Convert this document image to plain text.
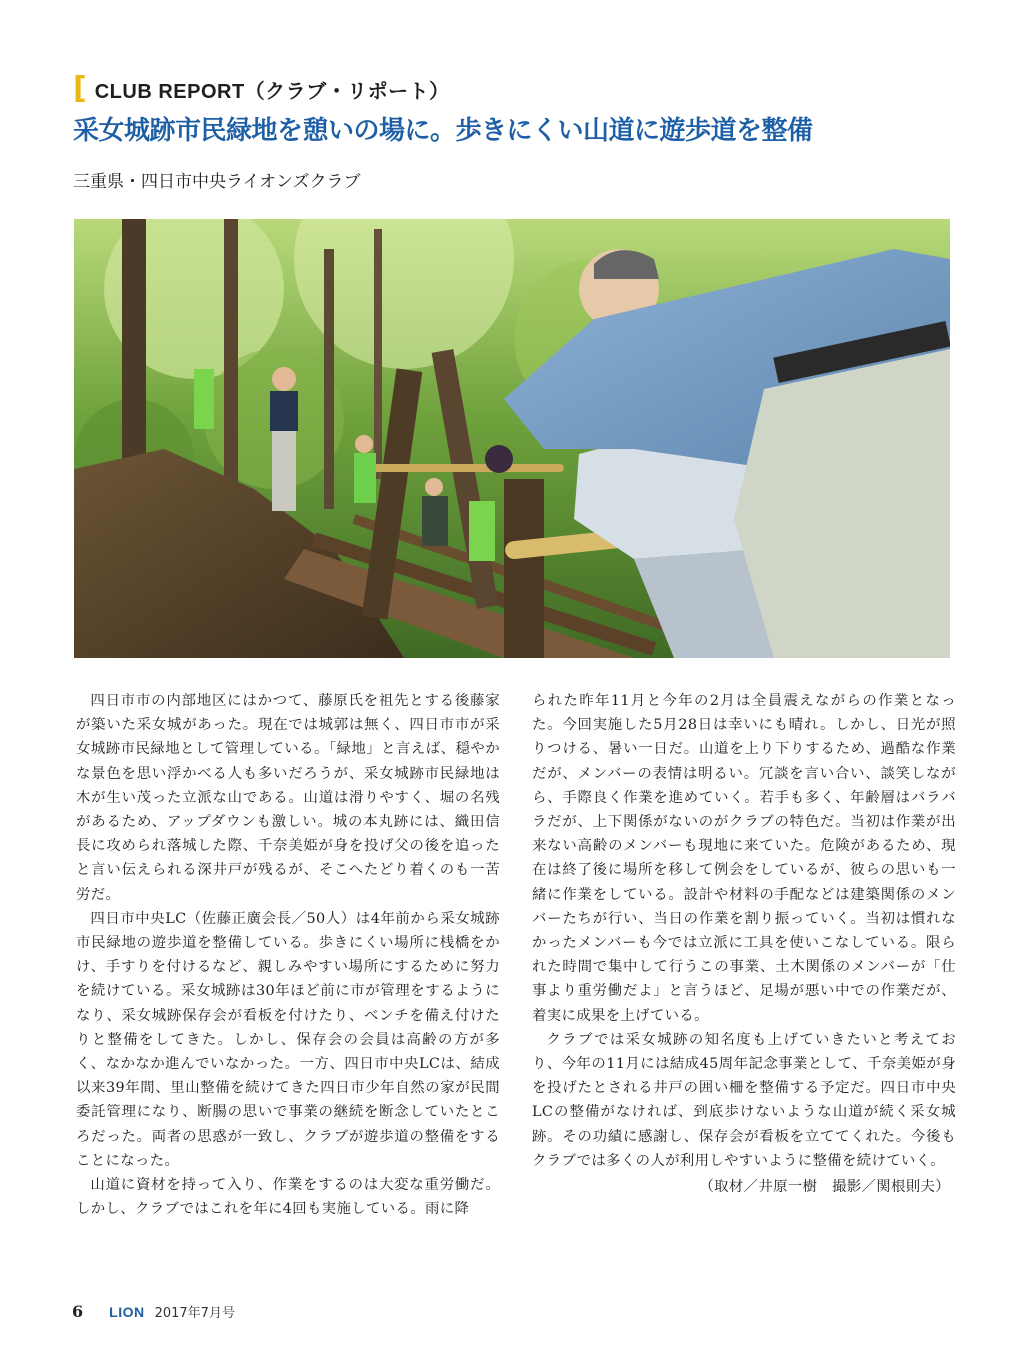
[ CLUB REPORT（クラブ・リポート）
采女城跡市民緑地を憩いの場に。歩きにくい山道に遊歩道を整備
三重県・四日市中央ライオンズクラブ

四日市市の内部地区にはかつて、藤原氏を祖先とする後藤家が築いた采女城があった。現在では城郭は無く、四日市市が采女城跡市民緑地として管理している。「緑地」と言えば、穏やかな景色を思い浮かべる人も多いだろうが、采女城跡市民緑地は木が生い茂った立派な山である。山道は滑りやすく、堀の名残があるため、アップダウンも激しい。城の本丸跡には、織田信長に攻められ落城した際、千奈美姫が身を投げ父の後を追ったと言い伝えられる深井戸が残るが、そこへたどり着くのも一苦労だ。

四日市中央LC（佐藤正廣会長／50人）は4年前から采女城跡市民緑地の遊歩道を整備している。歩きにくい場所に桟橋をかけ、手すりを付けるなど、親しみやすい場所にするために努力を続けている。采女城跡は30年ほど前に市が管理をするようになり、采女城跡保存会が看板を付けたり、ベンチを備え付けたりと整備をしてきた。しかし、保存会の会員は高齢の方が多く、なかなか進んでいなかった。一方、四日市中央LCは、結成以来39年間、里山整備を続けてきた四日市少年自然の家が民間委託管理になり、断腸の思いで事業の継続を断念していたところだった。両者の思惑が一致し、クラブが遊歩道の整備をすることになった。

山道に資材を持って入り、作業をするのは大変な重労働だ。しかし、クラブではこれを年に4回も実施している。雨に降

られた昨年11月と今年の2月は全員震えながらの作業となった。今回実施した5月28日は幸いにも晴れ。しかし、日光が照りつける、暑い一日だ。山道を上り下りするため、過酷な作業だが、メンバーの表情は明るい。冗談を言い合い、談笑しながら、手際良く作業を進めていく。若手も多く、年齢層はバラバラだが、上下関係がないのがクラブの特色だ。当初は作業が出来ない高齢のメンバーも現地に来ていた。危険があるため、現在は終了後に場所を移して例会をしているが、彼らの思いも一緒に作業をしている。設計や材料の手配などは建築関係のメンバーたちが行い、当日の作業を割り振っていく。当初は慣れなかったメンバーも今では立派に工具を使いこなしている。限られた時間で集中して行うこの事業、土木関係のメンバーが「仕事より重労働だよ」と言うほど、足場が悪い中での作業だが、着実に成果を上げている。

クラブでは采女城跡の知名度も上げていきたいと考えており、今年の11月には結成45周年記念事業として、千奈美姫が身を投げたとされる井戸の囲い柵を整備する予定だ。四日市中央LCの整備がなければ、到底歩けないような山道が続く采女城跡。その功績に感謝し、保存会が看板を立ててくれた。今後もクラブでは多くの人が利用しやすいように整備を続けていく。

（取材／井原一樹　撮影／関根則夫）
6 LION 2017年7月号
